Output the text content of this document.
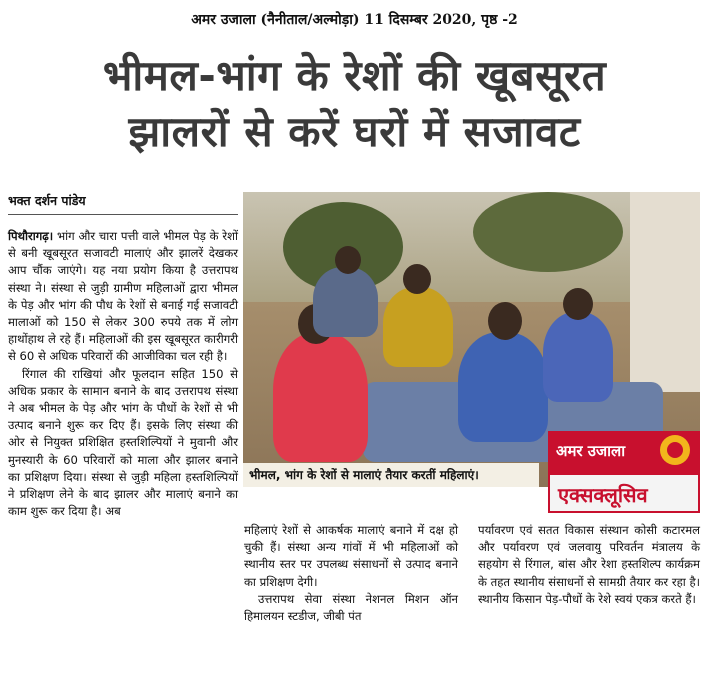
अमर उजाला (नैनीताल/अल्मोड़ा) 11 दिसम्बर 2020, पृष्ठ -2
भीमल-भांग के रेशों की खूबसूरत
झालरों से करें घरों में सजावट
भक्त दर्शन पांडेय

पिथौरागढ़। भांग और चारा पत्ती वाले भीमल पेड़ के रेशों से बनी खूबसूरत सजावटी मालाएं और झालरें देखकर आप चौंक जाएंगे। यह नया प्रयोग किया है उत्तरापथ संस्था ने। संस्था से जुड़ी ग्रामीण महिलाओं द्वारा भीमल के पेड़ और भांग की पौध के रेशों से बनाई गई सजावटी मालाओं को 150 से लेकर 300 रुपये तक में लोग हाथोंहाथ ले रहे हैं। महिलाओं की इस खूबसूरत कारीगरी से 60 से अधिक परिवारों की आजीविका चल रही है।

रिंगाल की राखियां और फूलदान सहित 150 से अधिक प्रकार के सामान बनाने के बाद उत्तरापथ संस्था ने अब भीमल के पेड़ और भांग के पौधों के रेशों से भी उत्पाद बनाने शुरू कर दिए हैं। इसके लिए संस्था की ओर से नियुक्त प्रशिक्षित हस्तशिल्पियों ने मुवानी और मुनस्यारी के 60 परिवारों को माला और झालर बनाने का प्रशिक्षण दिया। संस्था से जुड़ी महिला हस्तशिल्पियों ने प्रशिक्षण लेने के बाद झालर और मालाएं बनाने का काम शुरू कर दिया है। अब

भीमल, भांग के रेशों से मालाएं तैयार करतीं महिलाएं।
अमर उजाला
एक्सक्लूसिव

महिलाएं रेशों से आकर्षक मालाएं बनाने में दक्ष हो चुकी हैं। संस्था अन्य गांवों में भी महिलाओं को स्थानीय स्तर पर उपलब्ध संसाधनों से उत्पाद बनाने का प्रशिक्षण देगी।

उत्तरापथ सेवा संस्था नेशनल मिशन ऑन हिमालयन स्टडीज, जीबी पंत

पर्यावरण एवं सतत विकास संस्थान कोसी कटारमल और पर्यावरण एवं जलवायु परिवर्तन मंत्रालय के सहयोग से रिंगाल, बांस और रेशा हस्तशिल्प कार्यक्रम के तहत स्थानीय संसाधनों से सामग्री तैयार कर रहा है। स्थानीय किसान पेड़-पौधों के रेशे स्वयं एकत्र करते हैं।
